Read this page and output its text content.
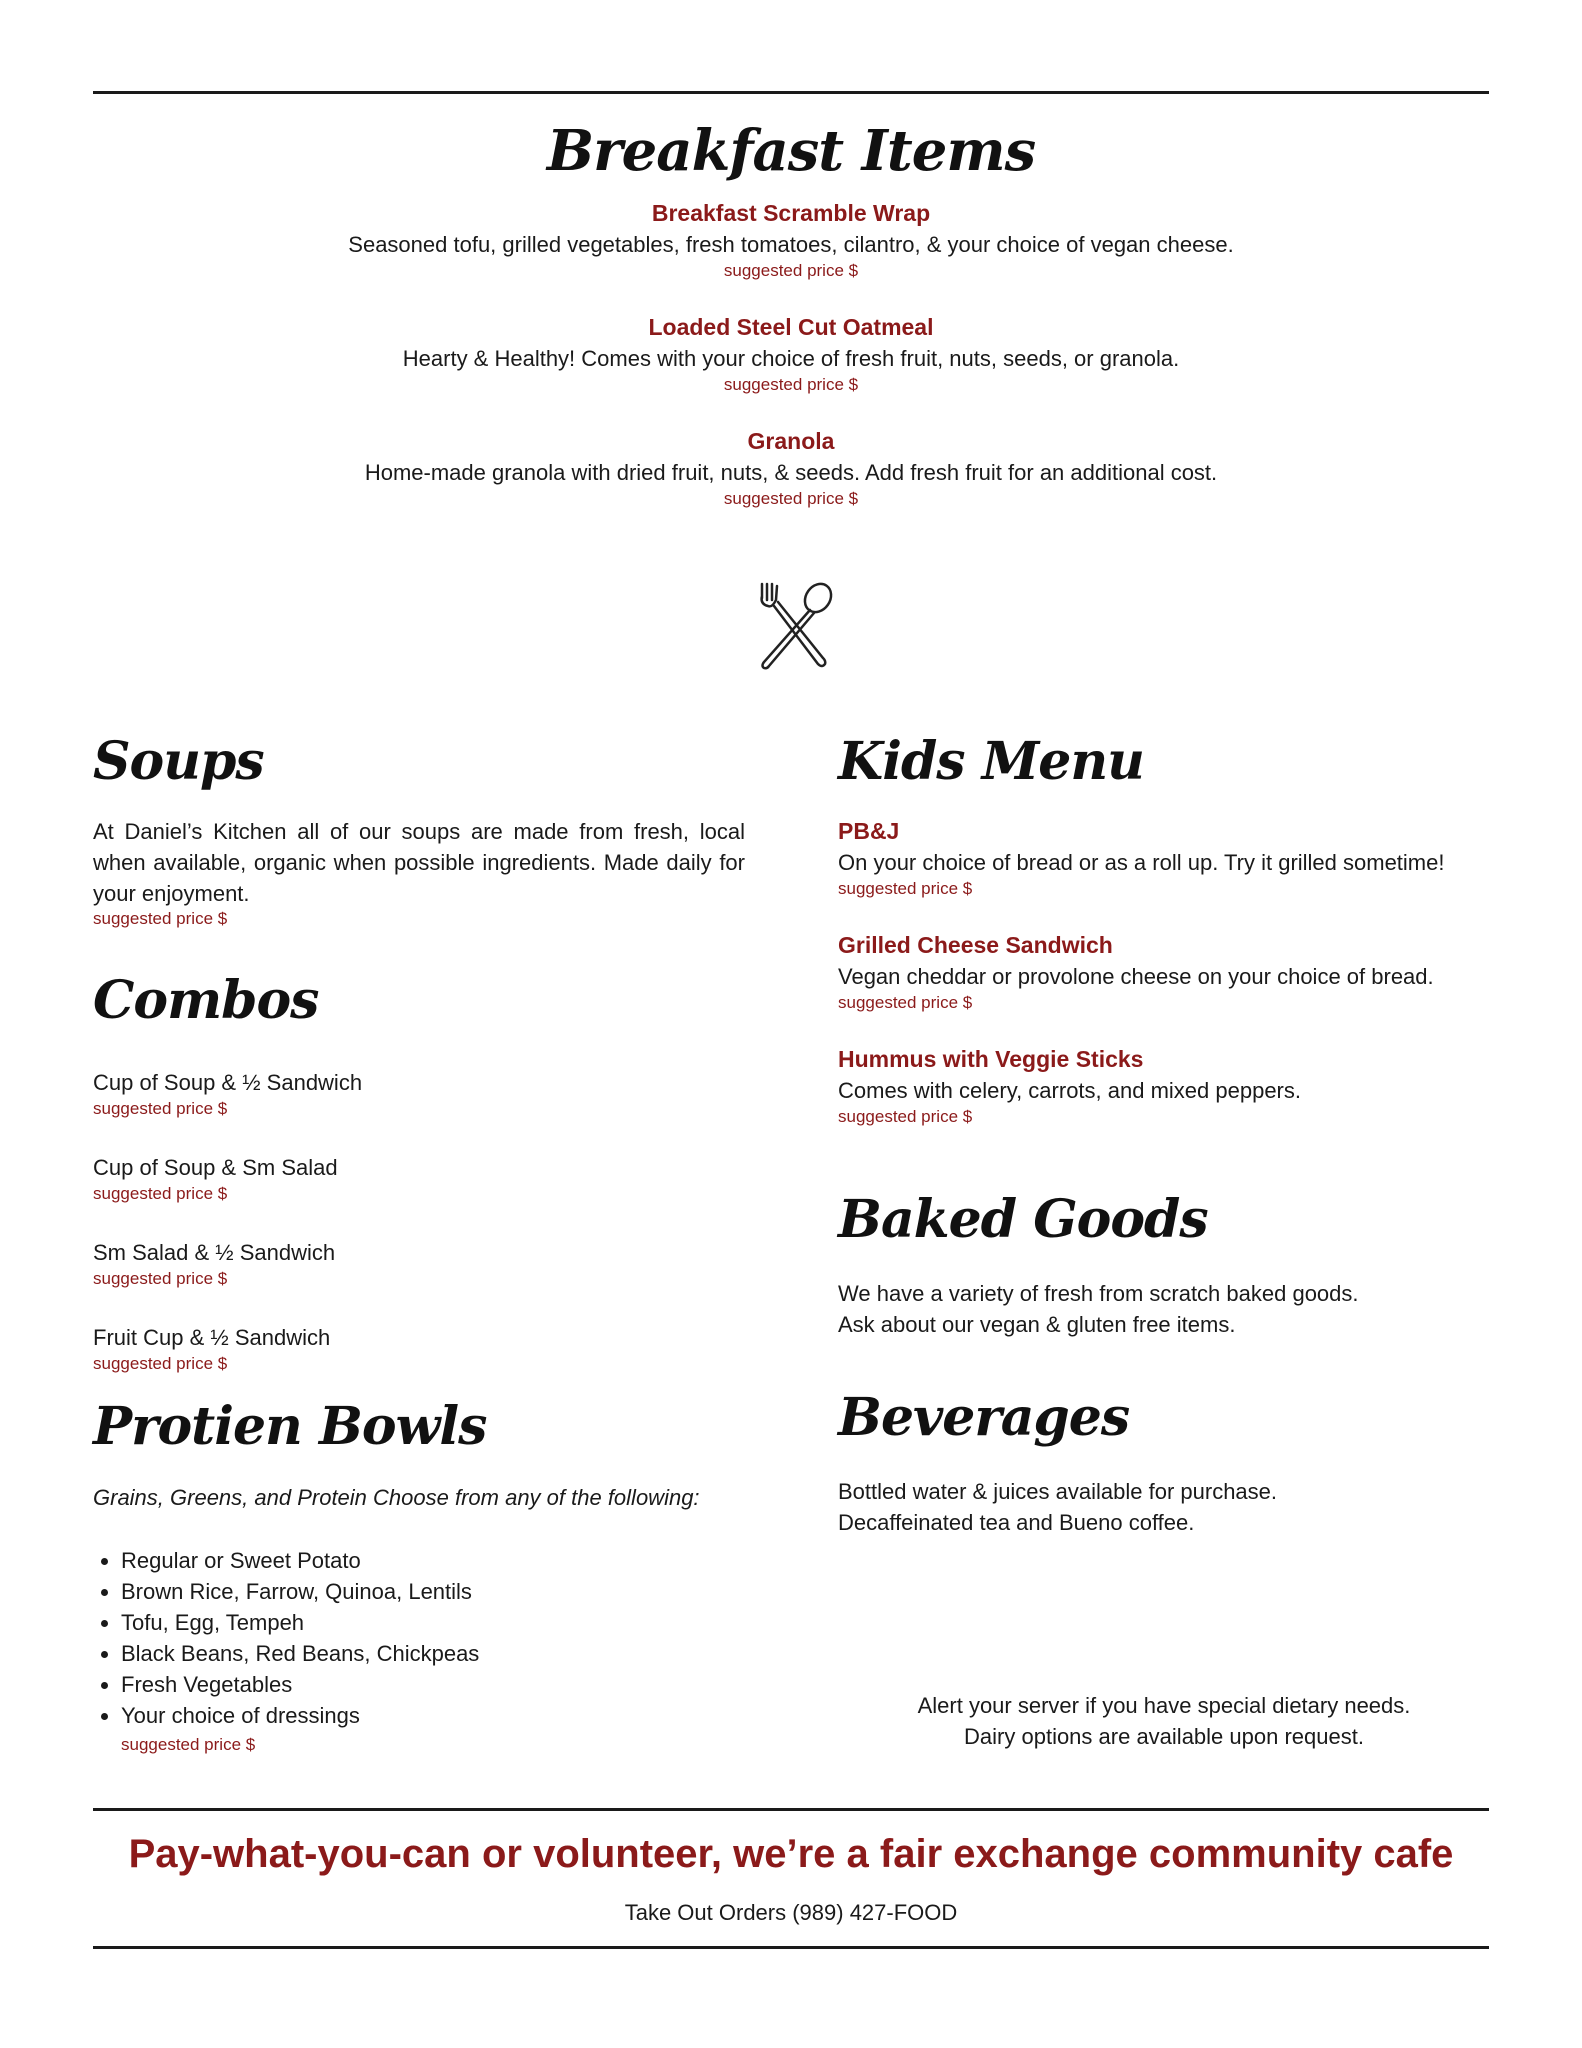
Breakfast Items
Breakfast Scramble Wrap
Seasoned tofu, grilled vegetables, fresh tomatoes, cilantro, & your choice of vegan cheese.
suggested price $
Loaded Steel Cut Oatmeal
Hearty & Healthy! Comes with your choice of fresh fruit, nuts, seeds, or granola.
suggested price $
Granola
Home-made granola with dried fruit, nuts, & seeds. Add fresh fruit for an additional cost.
suggested price $
Soups
At Daniel’s Kitchen all of our soups are made from fresh, local when available, organic when possible ingredients. Made daily for your enjoyment.
suggested price $
Combos
Cup of Soup & ½ Sandwich
suggested price $
Cup of Soup & Sm Salad
suggested price $
Sm Salad & ½ Sandwich
suggested price $
Fruit Cup & ½ Sandwich
suggested price $
Protien Bowls

Grains, Greens, and Protein Choose from any of the following:

• Regular or Sweet Potato
• Brown Rice, Farrow, Quinoa, Lentils
• Tofu, Egg, Tempeh
• Black Beans, Red Beans, Chickpeas
• Fresh Vegetables
• Your choice of dressings
suggested price $
Kids Menu
PB&J
On your choice of bread or as a roll up. Try it grilled sometime!
suggested price $
Grilled Cheese Sandwich
Vegan cheddar or provolone cheese on your choice of bread.
suggested price $
Hummus with Veggie Sticks
Comes with celery, carrots, and mixed peppers.
suggested price $
Baked Goods
We have a variety of fresh from scratch baked goods.
Ask about our vegan & gluten free items.
Beverages
Bottled water & juices available for purchase.
Decaffeinated tea and Bueno coffee.
Alert your server if you have special dietary needs.
Dairy options are available upon request.
Pay-what-you-can or volunteer, we’re a fair exchange community cafe
Take Out Orders (989) 427-FOOD
